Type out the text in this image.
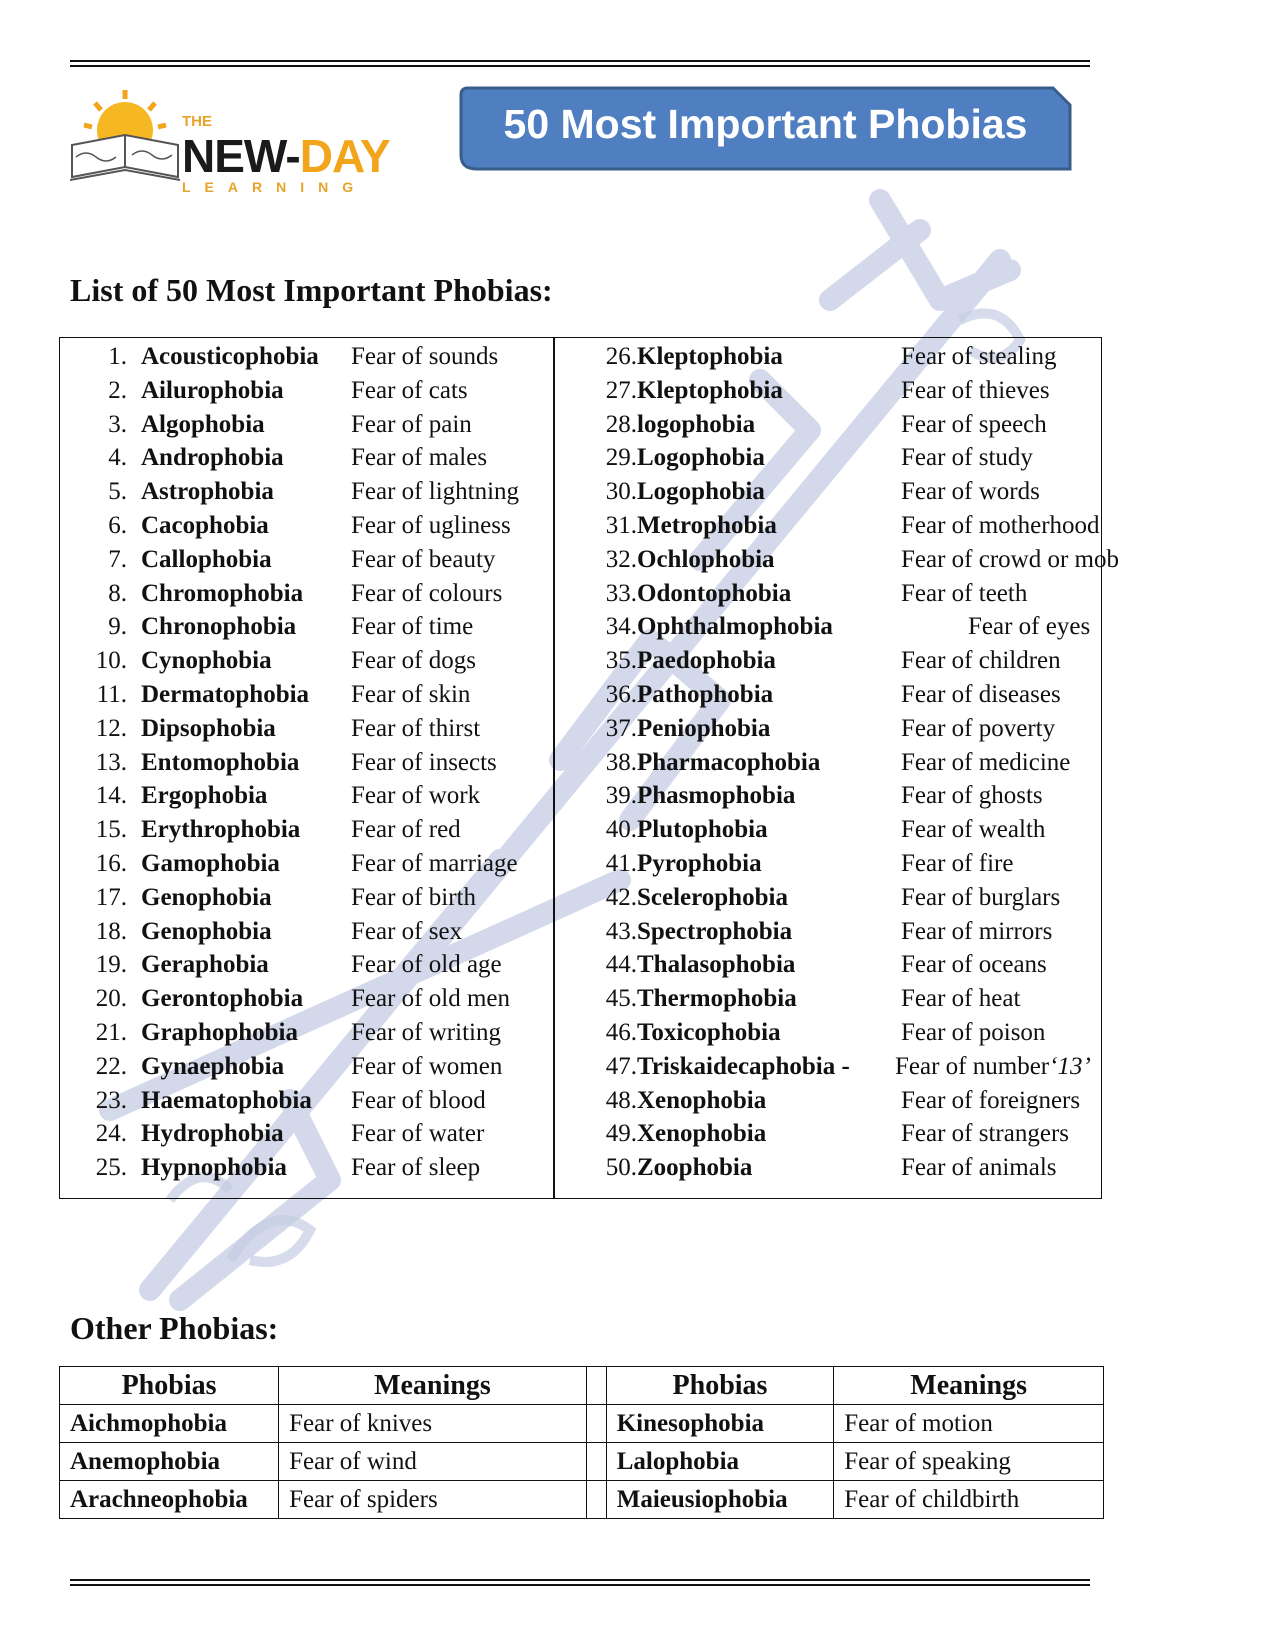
THE
NEW-DAY
LEARNING
50 Most Important Phobias
List of 50 Most Important Phobias:
1. Acousticophobia Fear of sounds
2. Ailurophobia	Fear of cats
3. Algophobia	Fear of pain
4. Androphobia	Fear of males
5. Astrophobia	Fear of lightning
6. Cacophobia	Fear of ugliness
7. Callophobia	Fear of beauty
8. Chromophobia Fear of colours
9. Chronophobia Fear of time
10. Cynophobia	Fear of dogs
11. Dermatophobia Fear of skin
12. Dipsophobia	Fear of thirst
13. Entomophobia Fear of insects
14. Ergophobia	Fear of work
15. Erythrophobia Fear of red
16. Gamophobia	Fear of marriage
17. Genophobia	Fear of birth
18. Genophobia	Fear of sex
19. Geraphobia	Fear of old age
20. Gerontophobia Fear of old men
21. Graphophobia Fear of writing
22. Gynaephobia	Fear of women
23. Haematophobia Fear of blood
24. Hydrophobia	Fear of water
25. Hypnophobia	Fear of sleep
26. Kleptophobia	Fear of stealing
27. Kleptophobia	Fear of thieves
28. logophobia	Fear of speech
29. Logophobia	Fear of study
30. Logophobia	Fear of words
31. Metrophobia	Fear of motherhood
32. Ochlophobia	Fear of crowd or mob
33. Odontophobia	Fear of teeth
34. Ophthalmophobia	Fear of eyes
35. Paedophobia	Fear of children
36. Pathophobia	Fear of diseases
37. Peniophobia	Fear of poverty
38. Pharmacophobia	Fear of medicine
39. Phasmophobia	Fear of ghosts
40. Plutophobia	Fear of wealth
41. Pyrophobia	Fear of fire
42. Scelerophobia	Fear of burglars
43. Spectrophobia	Fear of mirrors
44. Thalasophobia	Fear of oceans
45. Thermophobia	Fear of heat
46. Toxicophobia	Fear of poison
47. Triskaidecaphobia - Fear of number‘13’
48. Xenophobia	Fear of foreigners
49. Xenophobia	Fear of strangers
50. Zoophobia	Fear of animals
Other Phobias:
Phobias	Meanings		Phobias	Meanings
Aichmophobia	Fear of knives		Kinesophobia	Fear of motion
Anemophobia	Fear of wind		Lalophobia	Fear of speaking
Arachneophobia	Fear of spiders		Maieusiophobia	Fear of childbirth
